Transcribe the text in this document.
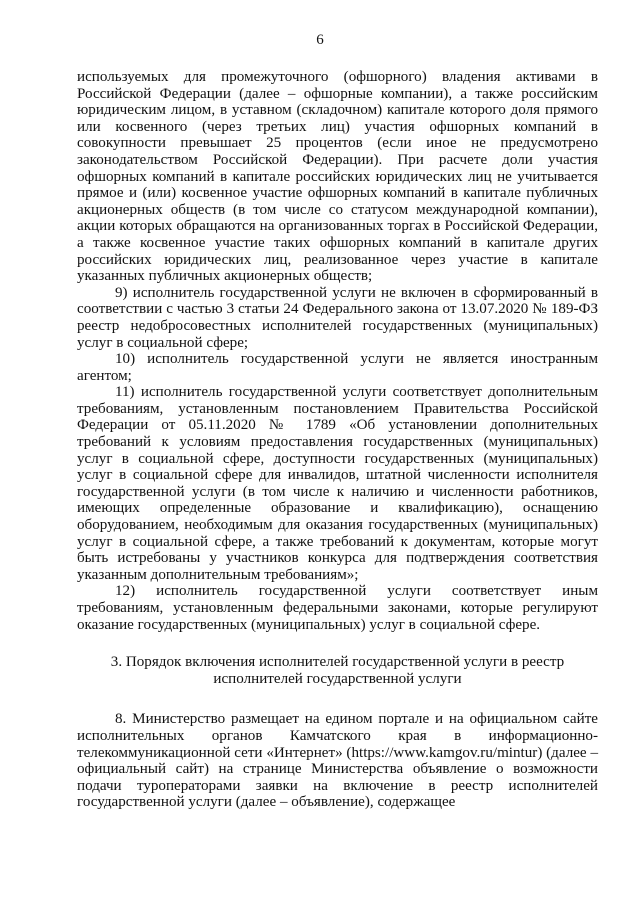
6

используемых для промежуточного (офшорного) владения активами в Российской Федерации (далее – офшорные компании), а также российским юридическим лицом, в уставном (складочном) капитале которого доля прямого или косвенного (через третьих лиц) участия офшорных компаний в совокупности превышает 25 процентов (если иное не предусмотрено законодательством Российской Федерации). При расчете доли участия офшорных компаний в капитале российских юридических лиц не учитывается прямое и (или) косвенное участие офшорных компаний в капитале публичных акционерных обществ (в том числе со статусом международной компании), акции которых обращаются на организованных торгах в Российской Федерации, а также косвенное участие таких офшорных компаний в капитале других российских юридических лиц, реализованное через участие в капитале указанных публичных акционерных обществ;

9) исполнитель государственной услуги не включен в сформированный в соответствии с частью 3 статьи 24 Федерального закона от 13.07.2020 № 189-ФЗ реестр недобросовестных исполнителей государственных (муниципальных) услуг в социальной сфере;

10) исполнитель государственной услуги не является иностранным агентом;

11) исполнитель государственной услуги соответствует дополнительным требованиям, установленным постановлением Правительства Российской Федерации от 05.11.2020 № 1789 «Об установлении дополнительных требований к условиям предоставления государственных (муниципальных) услуг в социальной сфере, доступности государственных (муниципальных) услуг в социальной сфере для инвалидов, штатной численности исполнителя государственной услуги (в том числе к наличию и численности работников, имеющих определенные образование и квалификацию), оснащению оборудованием, необходимым для оказания государственных (муниципальных) услуг в социальной сфере, а также требований к документам, которые могут быть истребованы у участников конкурса для подтверждения соответствия указанным дополнительным требованиям»;

12) исполнитель государственной услуги соответствует иным требованиям, установленным федеральными законами, которые регулируют оказание государственных (муниципальных) услуг в социальной сфере.

3. Порядок включения исполнителей государственной услуги в реестр исполнителей государственной услуги

8. Министерство размещает на едином портале и на официальном сайте исполнительных органов Камчатского края в информационно-телекоммуникационной сети «Интернет» (https://www.kamgov.ru/mintur) (далее – официальный сайт) на странице Министерства объявление о возможности подачи туроператорами заявки на включение в реестр исполнителей государственной услуги (далее – объявление), содержащее
